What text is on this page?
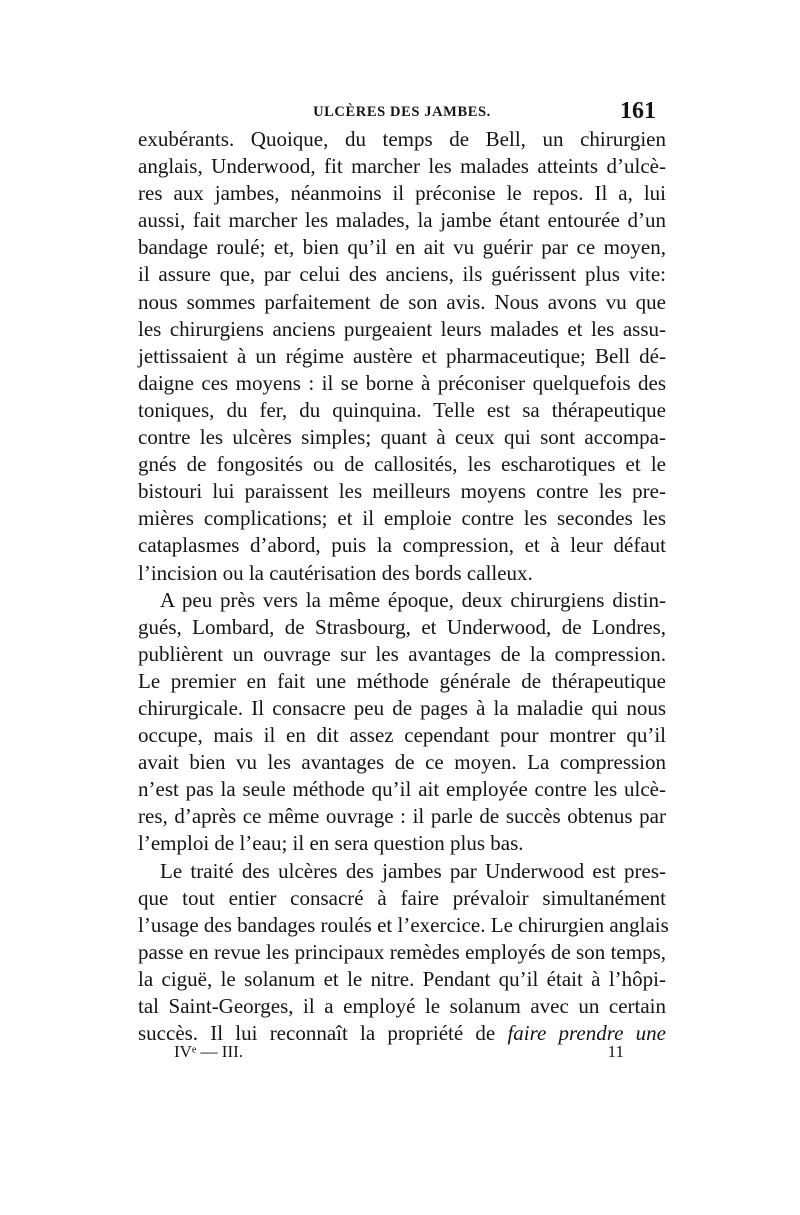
ULCÈRES DES JAMBES.	161

exubérants. Quoique, du temps de Bell, un chirurgien
anglais, Underwood, fit marcher les malades atteints d’ulcè-
res aux jambes, néanmoins il préconise le repos. Il a, lui
aussi, fait marcher les malades, la jambe étant entourée d’un
bandage roulé; et, bien qu’il en ait vu guérir par ce moyen,
il assure que, par celui des anciens, ils guérissent plus vite:
nous sommes parfaitement de son avis. Nous avons vu que
les chirurgiens anciens purgeaient leurs malades et les assu-
jettissaient à un régime austère et pharmaceutique; Bell dé-
daigne ces moyens : il se borne à préconiser quelquefois des
toniques, du fer, du quinquina. Telle est sa thérapeutique
contre les ulcères simples; quant à ceux qui sont accompa-
gnés de fongosités ou de callosités, les escharotiques et le
bistouri lui paraissent les meilleurs moyens contre les pre-
mières complications; et il emploie contre les secondes les
cataplasmes d’abord, puis la compression, et à leur défaut
l’incision ou la cautérisation des bords calleux.

A peu près vers la même époque, deux chirurgiens distin-
gués, Lombard, de Strasbourg, et Underwood, de Londres,
publièrent un ouvrage sur les avantages de la compression.
Le premier en fait une méthode générale de thérapeutique
chirurgicale. Il consacre peu de pages à la maladie qui nous
occupe, mais il en dit assez cependant pour montrer qu’il
avait bien vu les avantages de ce moyen. La compression
n’est pas la seule méthode qu’il ait employée contre les ulcè-
res, d’après ce même ouvrage : il parle de succès obtenus par
l’emploi de l’eau; il en sera question plus bas.

Le traité des ulcères des jambes par Underwood est pres-
que tout entier consacré à faire prévaloir simultanément
l’usage des bandages roulés et l’exercice. Le chirurgien anglais
passe en revue les principaux remèdes employés de son temps,
la ciguë, le solanum et le nitre. Pendant qu’il était à l’hôpi-
tal Saint-Georges, il a employé le solanum avec un certain
succès. Il lui reconnaît la propriété de faire prendre une

IVᵉ — III.	11
